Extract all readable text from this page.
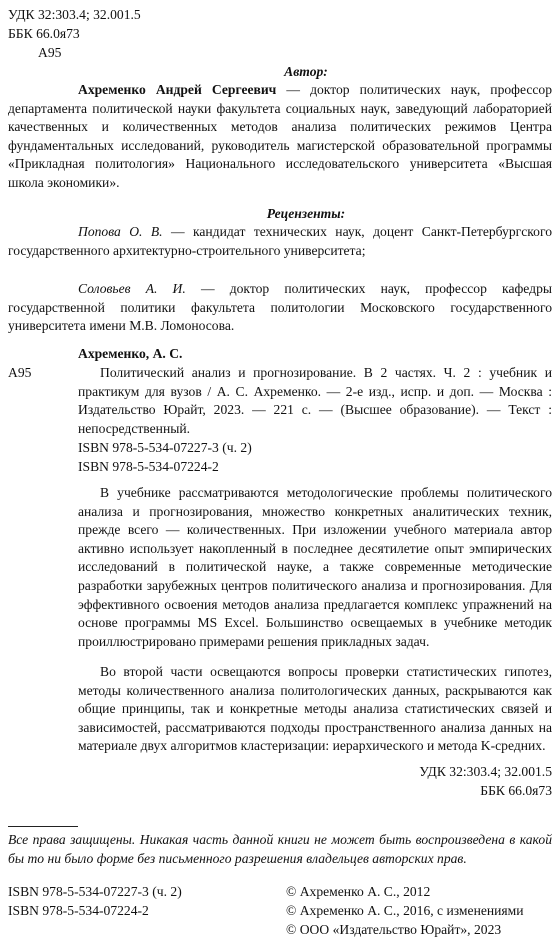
УДК 32:303.4; 32.001.5
ББК 66.0я73
А95
Автор:
Ахременко Андрей Сергеевич — доктор политических наук, профессор департамента политической науки факультета социальных наук, заведующий лабораторией качественных и количественных методов анализа политических режимов Центра фундаментальных исследований, руководитель магистерской образовательной программы «Прикладная политология» Национального исследовательского университета «Высшая школа экономики».
Рецензенты:
Попова О. В. — кандидат технических наук, доцент Санкт-Петербургского государственного архитектурно-строительного университета;
Соловьев А. И. — доктор политических наук, профессор кафедры государственной политики факультета политологии Московского государственного университета имени М.В. Ломоносова.
Ахременко, А. С.
А95	Политический анализ и прогнозирование. В 2 частях. Ч. 2 : учебник и практикум для вузов / А. С. Ахременко. — 2-е изд., испр. и доп. — Москва : Издательство Юрайт, 2023. — 221 с. — (Высшее образование). — Текст : непосредственный.
ISBN 978-5-534-07227-3 (ч. 2)
ISBN 978-5-534-07224-2
В учебнике рассматриваются методологические проблемы политического анализа и прогнозирования, множество конкретных аналитических техник, прежде всего — количественных. При изложении учебного материала автор активно использует накопленный в последнее десятилетие опыт эмпирических исследований в политической науке, а также современные методические разработки зарубежных центров политического анализа и прогнозирования. Для эффективного освоения методов анализа предлагается комплекс упражнений на основе программы MS Excel. Большинство освещаемых в учебнике методик проиллюстрировано примерами решения прикладных задач.
Во второй части освещаются вопросы проверки статистических гипотез, методы количественного анализа политологических данных, раскрываются как общие принципы, так и конкретные методы анализа статистических связей и зависимостей, рассматриваются подходы пространственного анализа данных на материале двух алгоритмов кластеризации: иерархического и метода K-средних.
УДК 32:303.4; 32.001.5
ББК 66.0я73
Все права защищены. Никакая часть данной книги не может быть воспроизведена в какой бы то ни было форме без письменного разрешения владельцев авторских прав.
ISBN 978-5-534-07227-3 (ч. 2)
ISBN 978-5-534-07224-2
© Ахременко А. С., 2012
© Ахременко А. С., 2016, с изменениями
© ООО «Издательство Юрайт», 2023
